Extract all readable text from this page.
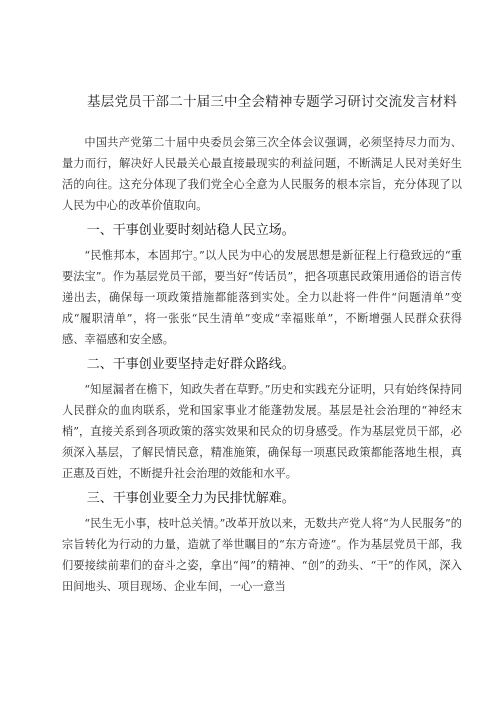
基层党员干部二十届三中全会精神专题学习研讨交流发言材料

中国共产党第二十届中央委员会第三次全体会议强调，必须坚持尽力而为、量力而行，解决好人民最关心最直接最现实的利益问题，不断满足人民对美好生活的向往。这充分体现了我们党全心全意为人民服务的根本宗旨，充分体现了以人民为中心的改革价值取向。

一、干事创业要时刻站稳人民立场。

“民惟邦本，本固邦宁。”以人民为中心的发展思想是新征程上行稳致远的“重要法宝”。作为基层党员干部，要当好“传话员”，把各项惠民政策用通俗的语言传递出去，确保每一项政策措施都能落到实处。全力以赴将一件件“问题清单”变成“履职清单”，将一张张“民生清单”变成“幸福账单”，不断增强人民群众获得感、幸福感和安全感。

二、干事创业要坚持走好群众路线。

“知屋漏者在檐下，知政失者在草野。”历史和实践充分证明，只有始终保持同人民群众的血肉联系，党和国家事业才能蓬勃发展。基层是社会治理的“神经末梢”，直接关系到各项政策的落实效果和民众的切身感受。作为基层党员干部，必须深入基层，了解民情民意，精准施策，确保每一项惠民政策都能落地生根，真正惠及百姓，不断提升社会治理的效能和水平。

三、干事创业要全力为民排忧解难。

“民生无小事，枝叶总关情。”改革开放以来，无数共产党人将“为人民服务”的宗旨转化为行动的力量，造就了举世瞩目的“东方奇迹”。作为基层党员干部，我们要接续前辈们的奋斗之姿，拿出“闯”的精神、“创”的劲头、“干”的作风，深入田间地头、项目现场、企业车间，一心一意当
